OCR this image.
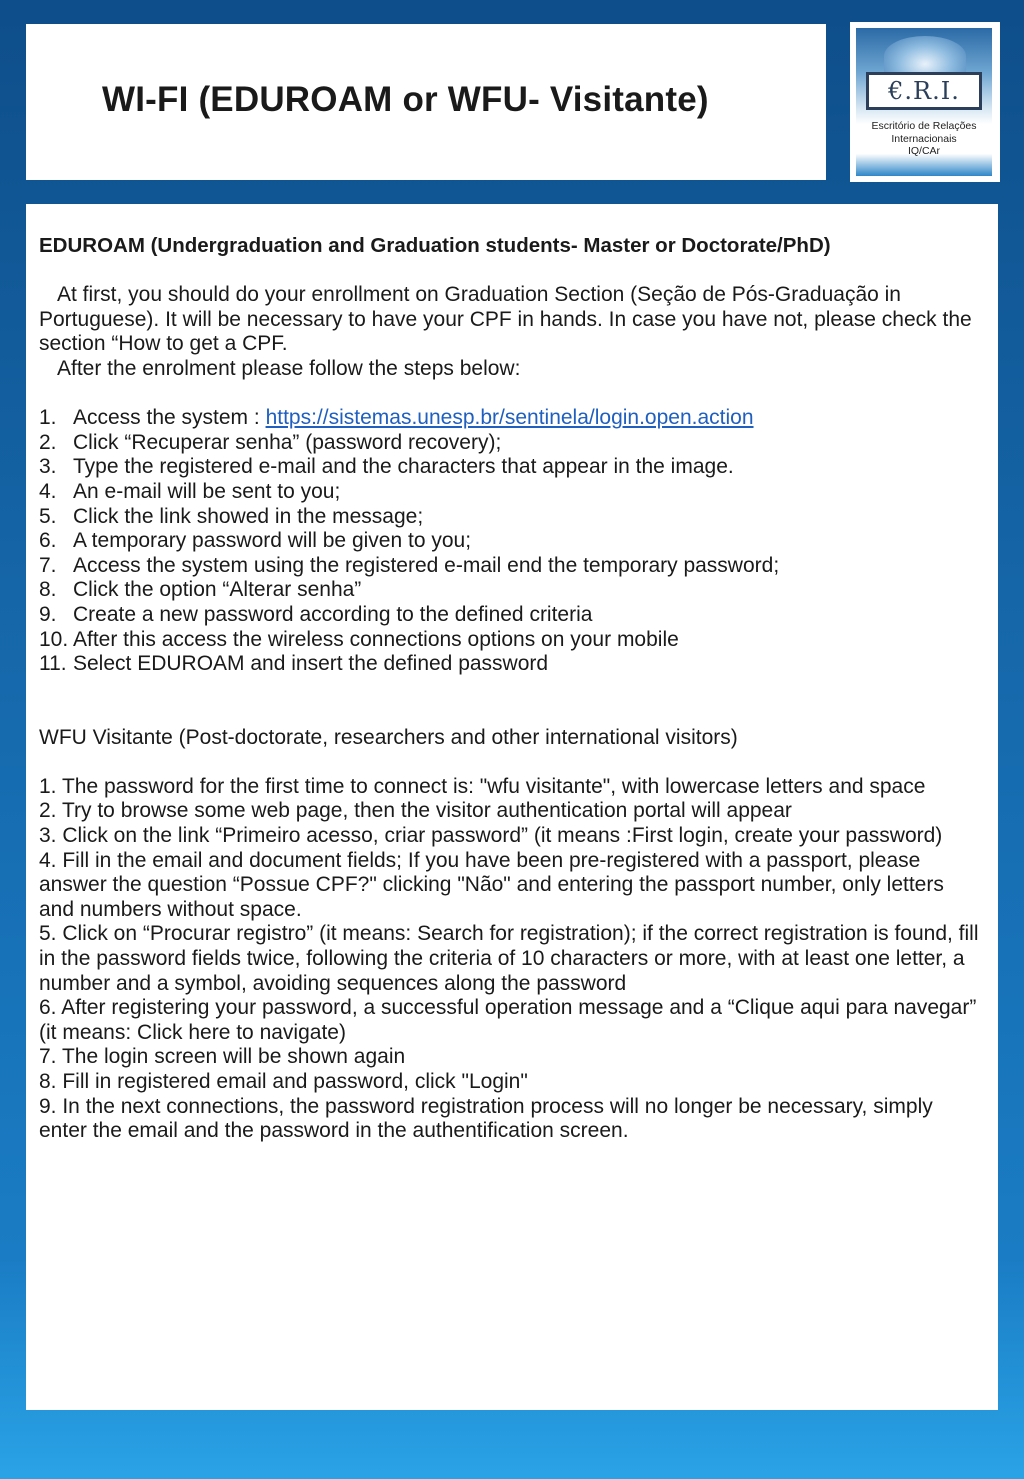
WI-FI (EDUROAM or WFU- Visitante)	€.R.I.
Escritório de Relações
Internacionais
IQ/CAr

EDUROAM (Undergraduation and Graduation students- Master or Doctorate/PhD)

At first, you should do your enrollment on Graduation Section (Seção de Pós-Graduação in Portuguese). It will be necessary to have your CPF in hands. In case you have not, please check the section “How to get a CPF.

After the enrolment please follow the steps below:

1. Access the system : https://sistemas.unesp.br/sentinela/login.open.action
2. Click “Recuperar senha” (password recovery);
3. Type the registered e-mail and the characters that appear in the image.
4. An e-mail will be sent to you;
5. Click the link showed in the message;
6. A temporary password will be given to you;
7. Access the system using the registered e-mail end the temporary password;
8. Click the option “Alterar senha”
9. Create a new password according to the defined criteria
10. After this access the wireless connections options on your mobile
11. Select EDUROAM and insert the defined password

WFU Visitante (Post-doctorate, researchers and other international visitors)

1. The password for the first time to connect is: "wfu visitante", with lowercase letters and space

2. Try to browse some web page, then the visitor authentication portal will appear

3. Click on the link “Primeiro acesso, criar password” (it means :First login, create your password)

4. Fill in the email and document fields; If you have been pre-registered with a passport, please answer the question “Possue CPF?" clicking "Não" and entering the passport number, only letters and numbers without space.

5. Click on “Procurar registro” (it means: Search for registration); if the correct registration is found, fill in the password fields twice, following the criteria of 10 characters or more, with at least one letter, a number and a symbol, avoiding sequences along the password

6. After registering your password, a successful operation message and a “Clique aqui para navegar” (it means: Click here to navigate)

7. The login screen will be shown again

8. Fill in registered email and password, click "Login"

9. In the next connections, the password registration process will no longer be necessary, simply enter the email and the password in the authentification screen.
